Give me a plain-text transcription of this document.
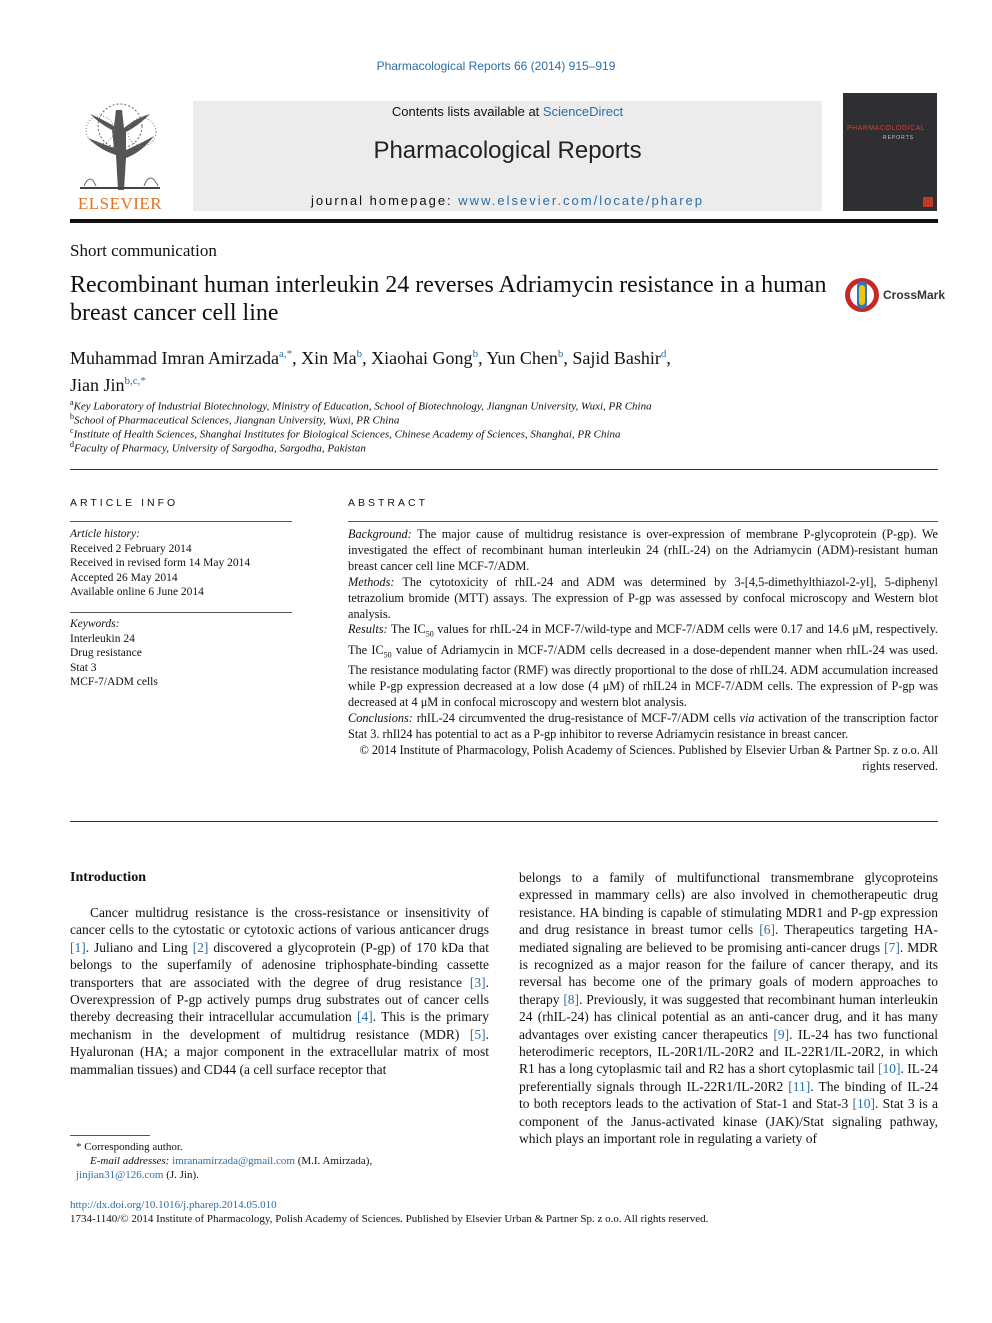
Pharmacological Reports 66 (2014) 915–919
ELSEVIER
Contents lists available at ScienceDirect
Pharmacological Reports
journal homepage: www.elsevier.com/locate/pharep
PHARMACOLOGICAL
REPORTS
Short communication
Recombinant human interleukin 24 reverses Adriamycin resistance in a human breast cancer cell line
CrossMark
Muhammad Imran Amirzada$^{a,*}$, Xin Ma$^b$, Xiaohai Gong$^b$, Yun Chen$^b$, Sajid Bashir$^d$,
Jian Jin$^{b,c,*}$
$^a$Key Laboratory of Industrial Biotechnology, Ministry of Education, School of Biotechnology, Jiangnan University, Wuxi, PR China
$^b$School of Pharmaceutical Sciences, Jiangnan University, Wuxi, PR China
$^c$Institute of Health Sciences, Shanghai Institutes for Biological Sciences, Chinese Academy of Sciences, Shanghai, PR China
$^d$Faculty of Pharmacy, University of Sargodha, Sargodha, Pakistan
ARTICLE INFO
Article history:
Received 2 February 2014
Received in revised form 14 May 2014
Accepted 26 May 2014
Available online 6 June 2014
Keywords:
Interleukin 24
Drug resistance
Stat 3
MCF-7/ADM cells
ABSTRACT

Background: The major cause of multidrug resistance is over-expression of membrane P-glycoprotein (P-gp). We investigated the effect of recombinant human interleukin 24 (rhIL-24) on the Adriamycin (ADM)-resistant human breast cancer cell line MCF-7/ADM.

Methods: The cytotoxicity of rhIL-24 and ADM was determined by 3-[4,5-dimethylthiazol-2-yl], 5-diphenyl tetrazolium bromide (MTT) assays. The expression of P-gp was assessed by confocal microscopy and Western blot analysis.

Results: The $IC_{50}$ values for rhIL-24 in MCF-7/wild-type and MCF-7/ADM cells were 0.17 and 14.6 μM, respectively. The $IC_{50}$ value of Adriamycin in MCF-7/ADM cells decreased in a dose-dependent manner when rhIL-24 was used. The resistance modulating factor (RMF) was directly proportional to the dose of rhIL24. ADM accumulation increased while P-gp expression decreased at a low dose (4 μM) of rhIL24 in MCF-7/ADM cells. The expression of P-gp was decreased at 4 μM in confocal microscopy and western blot analysis.

Conclusions: rhIL-24 circumvented the drug-resistance of MCF-7/ADM cells via activation of the transcription factor Stat 3. rhIl24 has potential to act as a P-gp inhibitor to reverse Adriamycin resistance in breast cancer.

© 2014 Institute of Pharmacology, Polish Academy of Sciences. Published by Elsevier Urban & Partner Sp. z o.o. All rights reserved.

Introduction

Cancer multidrug resistance is the cross-resistance or insensitivity of cancer cells to the cytostatic or cytotoxic actions of various anticancer drugs [1]. Juliano and Ling [2] discovered a glycoprotein (P-gp) of 170 kDa that belongs to the superfamily of adenosine triphosphate-binding cassette transporters that are associated with the degree of drug resistance [3]. Overexpression of P-gp actively pumps drug substrates out of cancer cells thereby decreasing their intracellular accumulation [4]. This is the primary mechanism in the development of multidrug resistance (MDR) [5]. Hyaluronan (HA; a major component in the extracellular matrix of most mammalian tissues) and CD44 (a cell surface receptor that

belongs to a family of multifunctional transmembrane glycoproteins expressed in mammary cells) are also involved in chemotherapeutic drug resistance. HA binding is capable of stimulating MDR1 and P-gp expression and drug resistance in breast tumor cells [6]. Therapeutics targeting HA-mediated signaling are believed to be promising anti-cancer drugs [7]. MDR is recognized as a major reason for the failure of cancer therapy, and its reversal has become one of the primary goals of modern approaches to therapy [8]. Previously, it was suggested that recombinant human interleukin 24 (rhIL-24) has clinical potential as an anti-cancer drug, and it has many advantages over existing cancer therapeutics [9]. IL-24 has two functional heterodimeric receptors, IL-20R1/IL-20R2 and IL-22R1/IL-20R2, in which R1 has a long cytoplasmic tail and R2 has a short cytoplasmic tail [10]. IL-24 preferentially signals through IL-22R1/IL-20R2 [11]. The binding of IL-24 to both receptors leads to the activation of Stat-1 and Stat-3 [10]. Stat 3 is a component of the Janus-activated kinase (JAK)/Stat signaling pathway, which plays an important role in regulating a variety of

* Corresponding author.
E-mail addresses: imranamirzada@gmail.com (M.I. Amirzada),
jinjian31@126.com (J. Jin).
http://dx.doi.org/10.1016/j.pharep.2014.05.010
1734-1140/© 2014 Institute of Pharmacology, Polish Academy of Sciences. Published by Elsevier Urban & Partner Sp. z o.o. All rights reserved.
